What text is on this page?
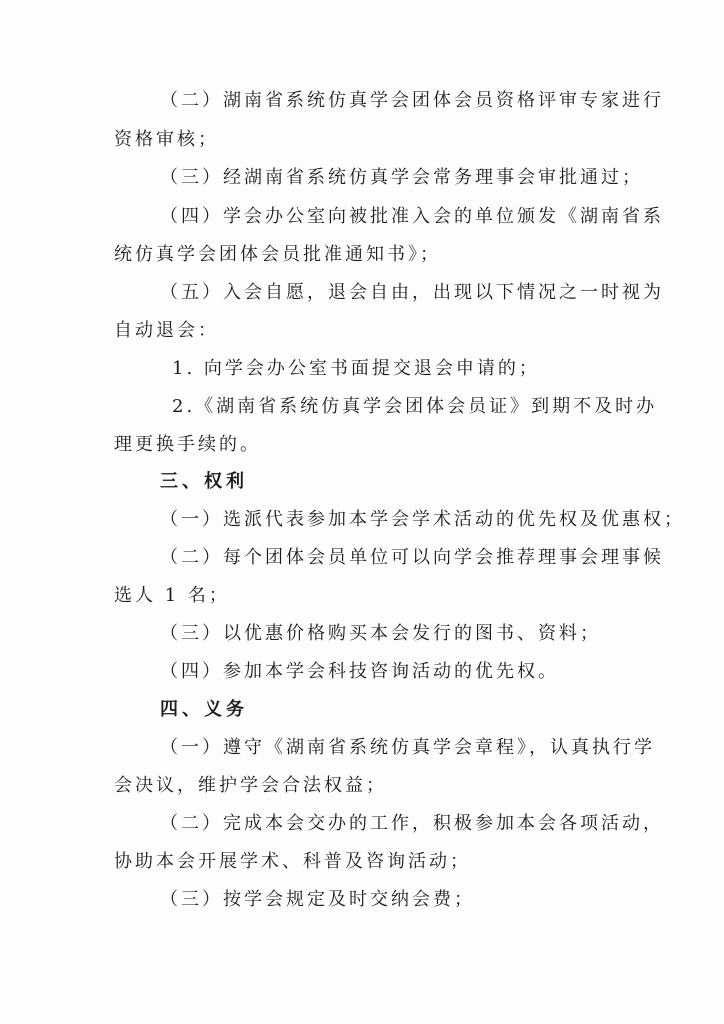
（二）湖南省系统仿真学会团体会员资格评审专家进行
资格审核；
（三）经湖南省系统仿真学会常务理事会审批通过；
（四）学会办公室向被批准入会的单位颁发《湖南省系
统仿真学会团体会员批准通知书》；
（五）入会自愿，退会自由，出现以下情况之一时视为
自动退会：
1. 向学会办公室书面提交退会申请的；
2.《湖南省系统仿真学会团体会员证》到期不及时办
理更换手续的。
三、权利
（一）选派代表参加本学会学术活动的优先权及优惠权；
（二）每个团体会员单位可以向学会推荐理事会理事候
选人 1 名；
（三）以优惠价格购买本会发行的图书、资料；
（四）参加本学会科技咨询活动的优先权。
四、义务
（一）遵守《湖南省系统仿真学会章程》，认真执行学
会决议，维护学会合法权益；
（二）完成本会交办的工作，积极参加本会各项活动，
协助本会开展学术、科普及咨询活动；
（三）按学会规定及时交纳会费；
